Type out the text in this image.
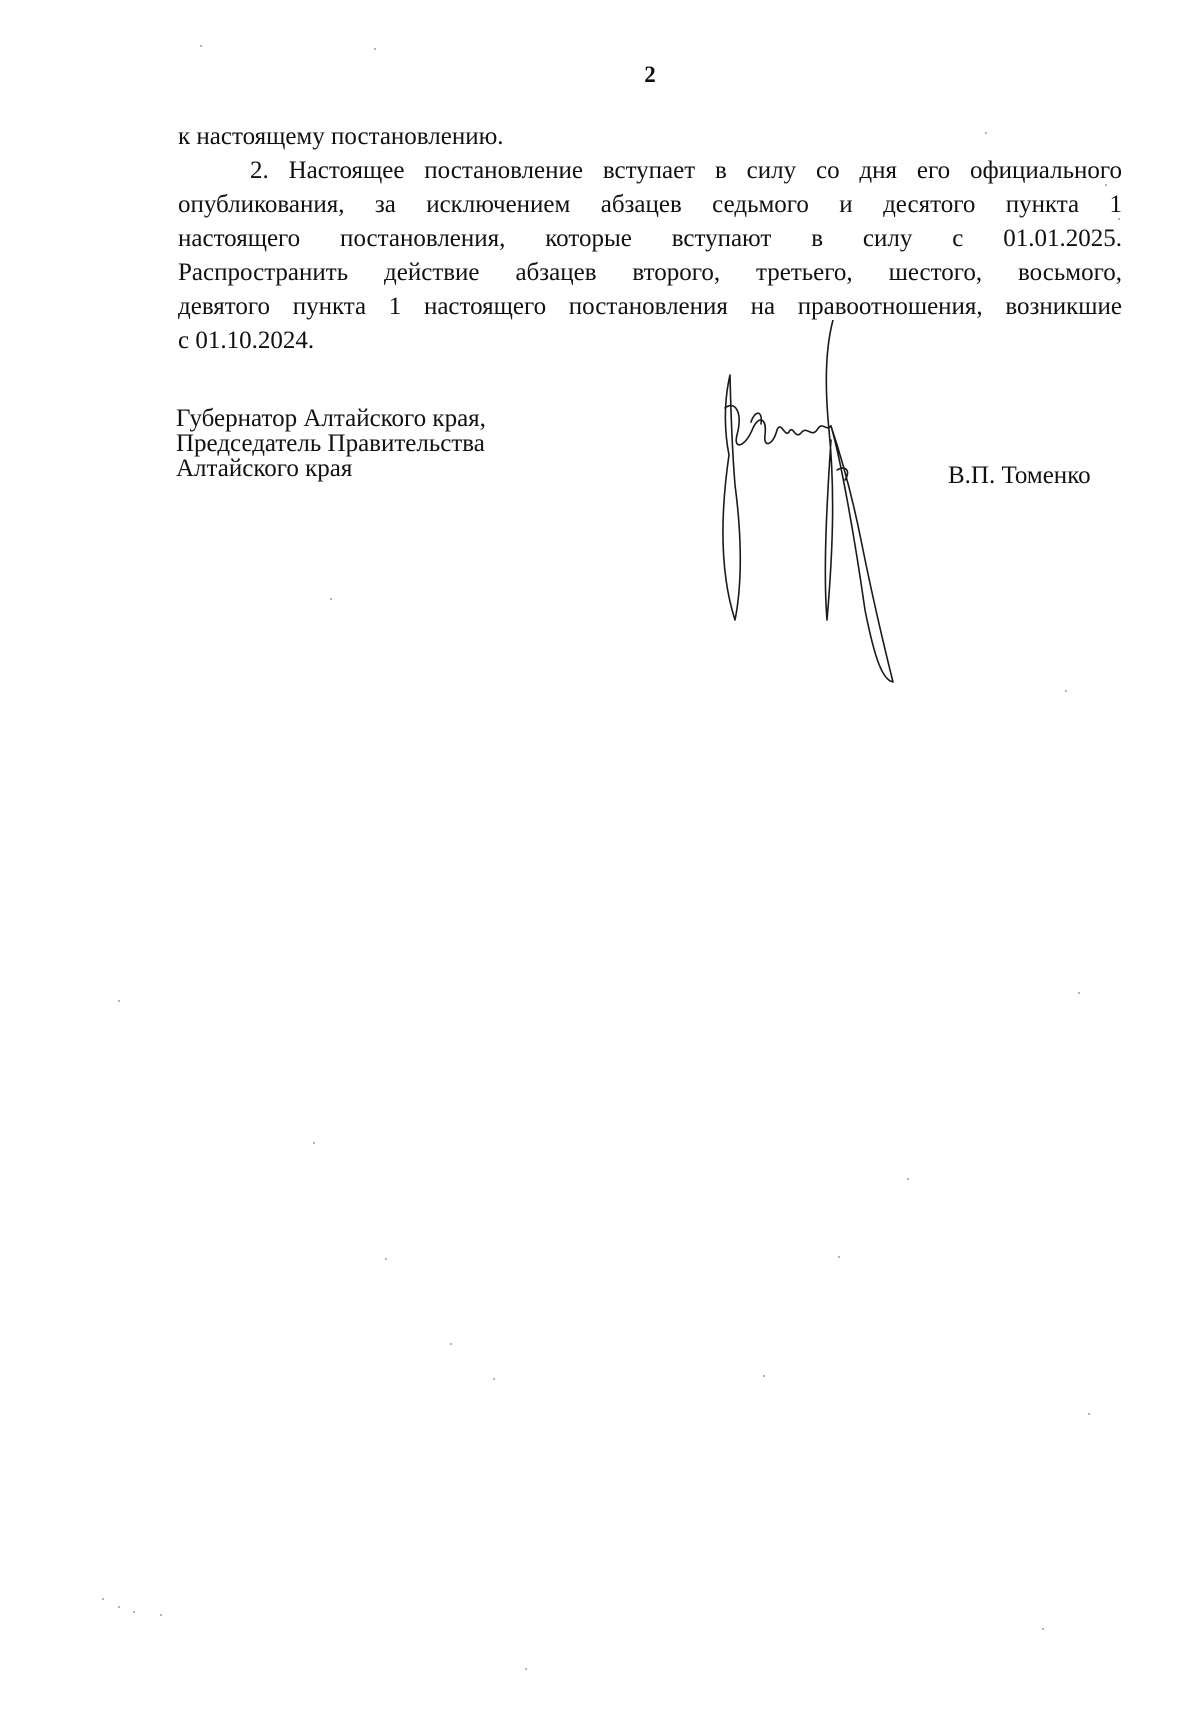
2

к настоящему постановлению.

2. Настоящее постановление вступает в силу со дня его официального

опубликования, за исключением абзацев седьмого и десятого пункта 1

настоящего постановления, которые вступают в силу с 01.01.2025.

Распространить действие абзацев второго, третьего, шестого, восьмого,

девятого пункта 1 настоящего постановления на правоотношения, возникшие

с 01.10.2024.

Губернатор Алтайского края,
Председатель Правительства
Алтайского края	В.П. Томенко
